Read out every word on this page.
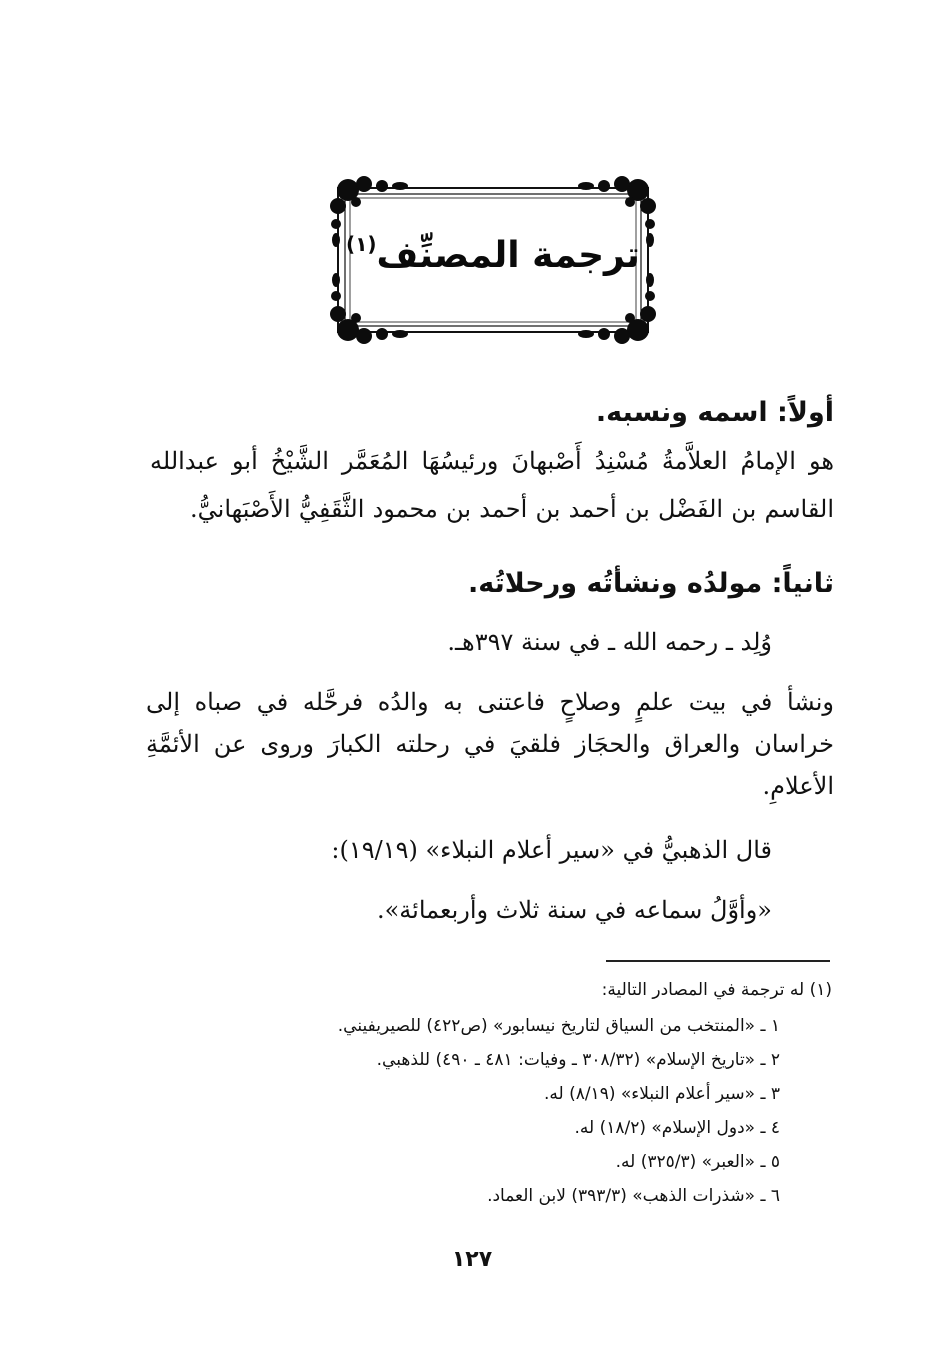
ترجمة المصنِّف$^{(١)}$
أولاً: اسمه ونسبه.
هو الإمامُ العلاَّمةُ مُسْنِدُ أَصْبهانَ ورئيسُهَا المُعَمَّر الشَّيْخُ أبو عبدالله
القاسم بن الفَضْل بن أحمد بن أحمد بن محمود الثَّقَفِيُّ الأَصْبَهانيُّ.
ثانياً: مولدُه ونشأتُه ورحلاتُه.
وُلِد ـ رحمه الله ـ في سنة ٣٩٧هـ.
ونشأ في بيت علمٍ وصلاحٍ فاعتنى به والدُه فرحَّله في صباه إلى
خراسان والعراق والحجَاز فلقيَ في رحلته الكبارَ وروى عن الأئمَّةِ
الأعلامِ.
قال الذهبيُّ في «سير أعلام النبلاء» (١٩/١٩):
«وأوَّلُ سماعه في سنة ثلاث وأربعمائة».
(١) له ترجمة في المصادر التالية:
١ ـ «المنتخب من السياق لتاريخ نيسابور» (ص٤٢٢) للصيريفيني.
٢ ـ «تاريخ الإسلام» (٣٠٨/٣٢ ـ وفيات: ٤٨١ ـ ٤٩٠) للذهبي.
٣ ـ «سير أعلام النبلاء» (٨/١٩) له.
٤ ـ «دول الإسلام» (١٨/٢) له.
٥ ـ «العبر» (٣٢٥/٣) له.
٦ ـ «شذرات الذهب» (٣٩٣/٣) لابن العماد.
١٢٧
